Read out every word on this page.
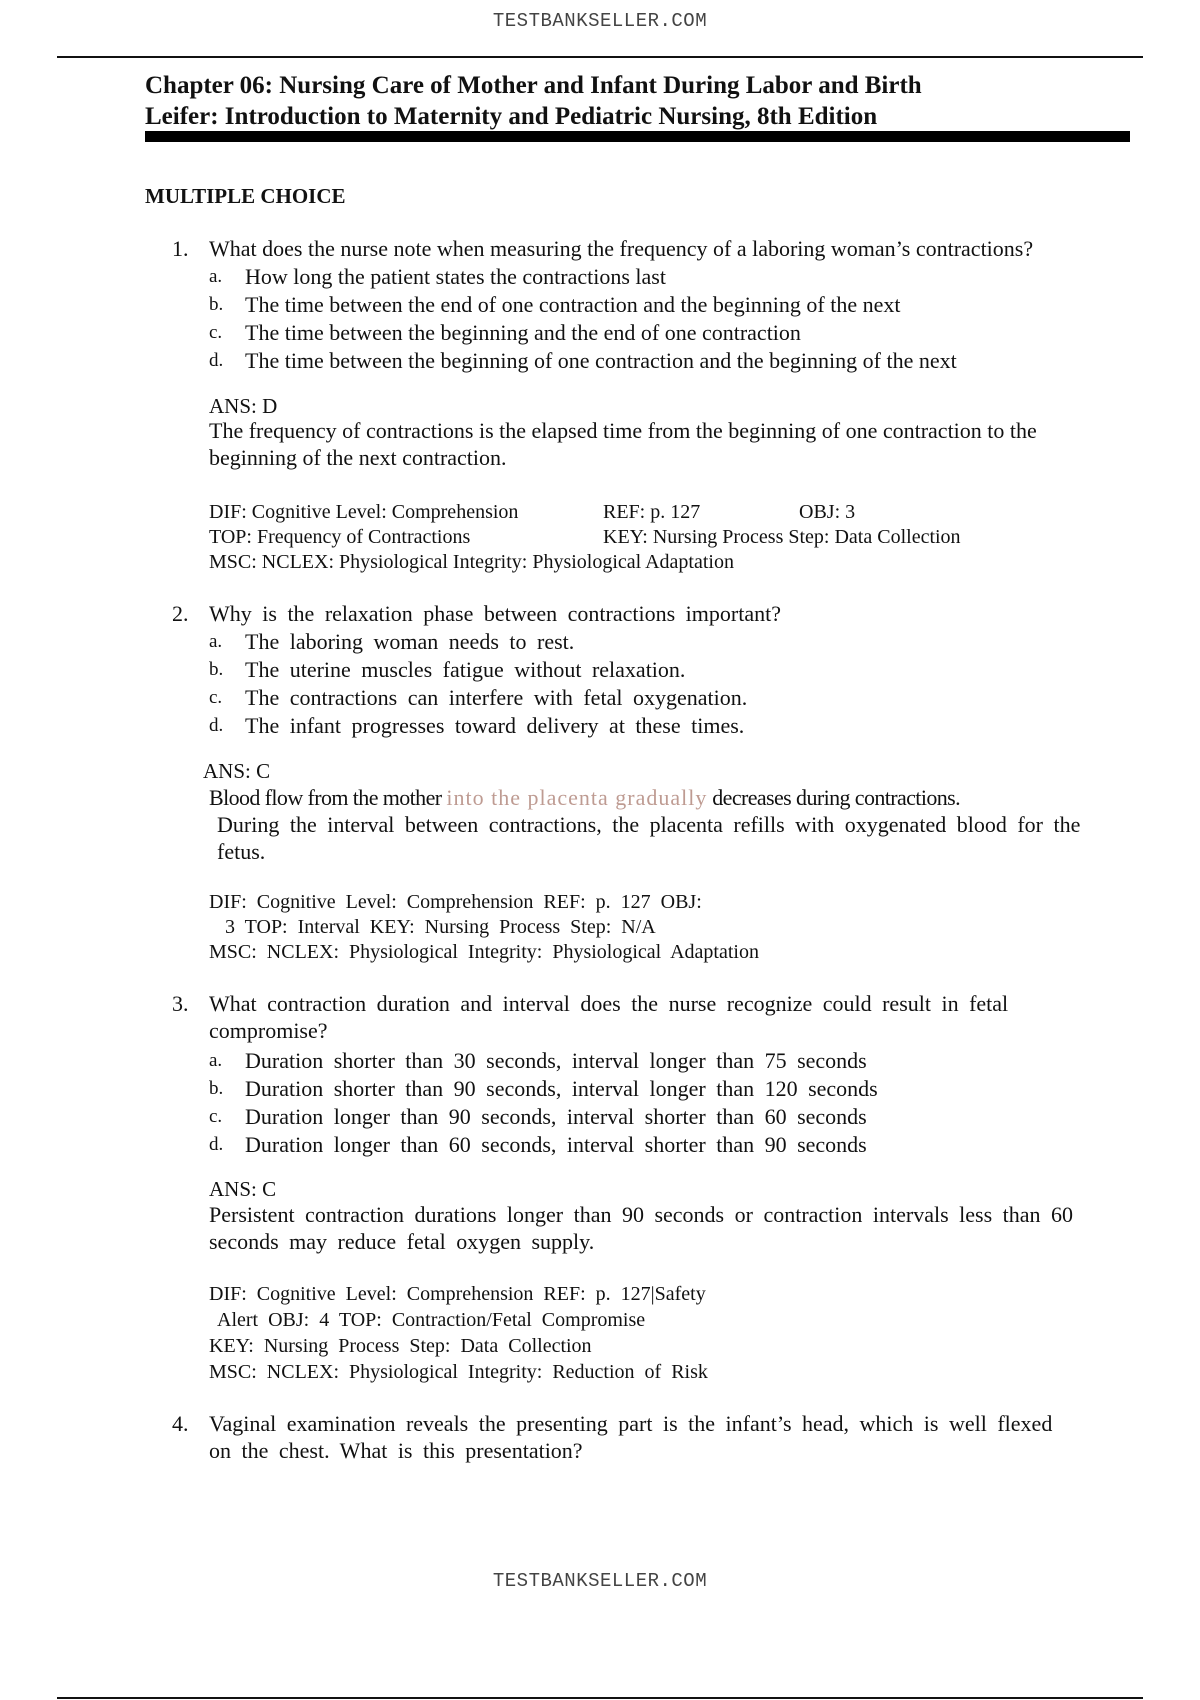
TESTBANKSELLER.COM
Chapter 06: Nursing Care of Mother and Infant During Labor and Birth
Leifer: Introduction to Maternity and Pediatric Nursing, 8th Edition
MULTIPLE CHOICE
1. What does the nurse note when measuring the frequency of a laboring woman’s contractions?
a. How long the patient states the contractions last
b. The time between the end of one contraction and the beginning of the next
c. The time between the beginning and the end of one contraction
d. The time between the beginning of one contraction and the beginning of the next
ANS: D
The frequency of contractions is the elapsed time from the beginning of one contraction to the beginning of the next contraction.
DIF: Cognitive Level: Comprehension	REF: p. 127	OBJ: 3
TOP: Frequency of Contractions	KEY: Nursing Process Step: Data Collection
MSC: NCLEX: Physiological Integrity: Physiological Adaptation
2. Why is the relaxation phase between contractions important?
a. The laboring woman needs to rest.
b. The uterine muscles fatigue without relaxation.
c. The contractions can interfere with fetal oxygenation.
d. The infant progresses toward delivery at these times.
ANS: C
Blood flow from the mother into the placenta gradually decreases during contractions.
During the interval between contractions, the placenta refills with oxygenated blood for the fetus.
DIF: Cognitive Level: Comprehension REF: p. 127 OBJ:
3 TOP: Interval KEY: Nursing Process Step: N/A
MSC: NCLEX: Physiological Integrity: Physiological Adaptation
3. What contraction duration and interval does the nurse recognize could result in fetal compromise?
a. Duration shorter than 30 seconds, interval longer than 75 seconds
b. Duration shorter than 90 seconds, interval longer than 120 seconds
c. Duration longer than 90 seconds, interval shorter than 60 seconds
d. Duration longer than 60 seconds, interval shorter than 90 seconds
ANS: C
Persistent contraction durations longer than 90 seconds or contraction intervals less than 60 seconds may reduce fetal oxygen supply.
DIF: Cognitive Level: Comprehension REF: p. 127|Safety
Alert OBJ: 4 TOP: Contraction/Fetal Compromise
KEY: Nursing Process Step: Data Collection
MSC: NCLEX: Physiological Integrity: Reduction of Risk
4. Vaginal examination reveals the presenting part is the infant’s head, which is well flexed on the chest. What is this presentation?
TESTBANKSELLER.COM
